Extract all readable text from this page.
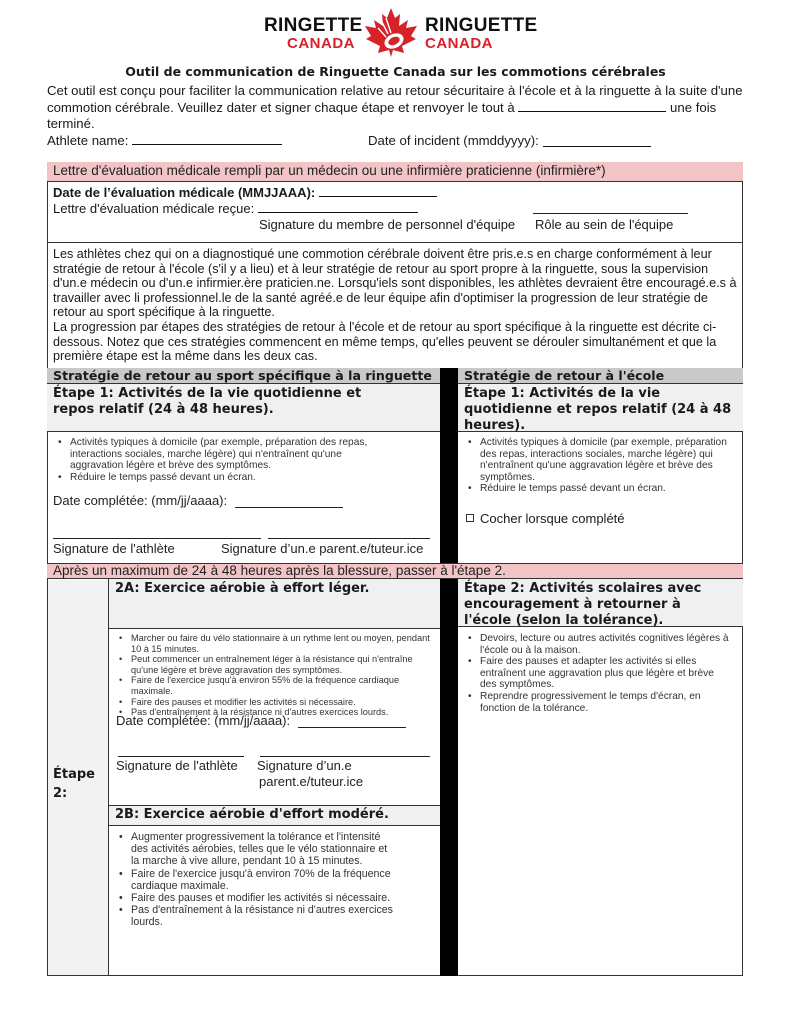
RINGETTE
CANADA
RINGUETTE
CANADA
Outil de communication de Ringuette Canada sur les commotions cérébrales
Cet outil est conçu pour faciliter la communication relative au retour sécuritaire à l'école et à la ringuette à la suite d'une commotion cérébrale. Veuillez dater et signer chaque étape et renvoyer le tout à	une fois terminé.
Athlete name:	Date of incident (mmddyyyy):
Lettre d'évaluation médicale rempli par un médecin ou une infirmière praticienne (infirmière*)
Date de l’évaluation médicale (MMJJAAA):
Lettre d'évaluation médicale reçue:
Signature du membre de personnel d'équipe Rôle au sein de l'équipe
Les athlètes chez qui on a diagnostiqué une commotion cérébrale doivent être pris.e.s en charge conformément à leur stratégie de retour à l'école (s'il y a lieu) et à leur stratégie de retour au sport propre à la ringuette, sous la supervision d'un.e médecin ou d'un.e infirmier.ère praticien.ne. Lorsqu'iels sont disponibles, les athlètes devraient être encouragé.e.s à travailler avec li professionnel.le de la santé agréé.e de leur équipe afin d'optimiser la progression de leur stratégie de retour au sport spécifique à la ringuette.
La progression par étapes des stratégies de retour à l'école et de retour au sport spécifique à la ringuette est décrite ci-dessous. Notez que ces stratégies commencent en même temps, qu'elles peuvent se dérouler simultanément et que la première étape est la même dans les deux cas.
Stratégie de retour au sport spécifique à la ringuette	Stratégie de retour à l'école
Étape 1: Activités de la vie quotidienne et repos relatif (24 à 48 heures).
Étape 1: Activités de la vie quotidienne et repos relatif (24 à 48 heures).
• Activités typiques à domicile (par exemple, préparation des repas, interactions sociales, marche légère) qui n'entraînent qu'une aggravation légère et brève des symptômes.
• Réduire le temps passé devant un écran.
Date complétée: (mm/jj/aaaa):
Signature de l'athlète	Signature d’un.e parent.e/tuteur.ice
• Activités typiques à domicile (par exemple, préparation des repas, interactions sociales, marche légère) qui n'entraînent qu'une aggravation légère et brève des symptômes.
• Réduire le temps passé devant un écran.
Cocher lorsque complété
Après un maximum de 24 à 48 heures après la blessure, passer à l'étape 2.
Étape 2:
2A: Exercice aérobie à effort léger.
• Marcher ou faire du vélo stationnaire à un rythme lent ou moyen, pendant 10 à 15 minutes.
• Peut commencer un entraînement léger à la résistance qui n'entraîne qu'une légère et brève aggravation des symptômes.
• Faire de l'exercice jusqu'à environ 55% de la fréquence cardiaque maximale.
• Faire des pauses et modifier les activités si nécessaire.
• Pas d'entraînement à la résistance ni d'autres exercices lourds.
Date complétée: (mm/jj/aaaa):
Signature de l'athlète Signature d’un.e
parent.e/tuteur.ice
2B: Exercice aérobie d'effort modéré.
• Augmenter progressivement la tolérance et l'intensité des activités aérobies, telles que le vélo stationnaire et la marche à vive allure, pendant 10 à 15 minutes.
• Faire de l'exercice jusqu'à environ 70% de la fréquence cardiaque maximale.
• Faire des pauses et modifier les activités si nécessaire.
• Pas d'entraînement à la résistance ni d'autres exercices lourds.
Étape 2: Activités scolaires avec encouragement à retourner à l'école (selon la tolérance).
• Devoirs, lecture ou autres activités cognitives légères à l'école ou à la maison.
• Faire des pauses et adapter les activités si elles entraînent une aggravation plus que légère et brève des symptômes.
• Reprendre progressivement le temps d'écran, en fonction de la tolérance.
